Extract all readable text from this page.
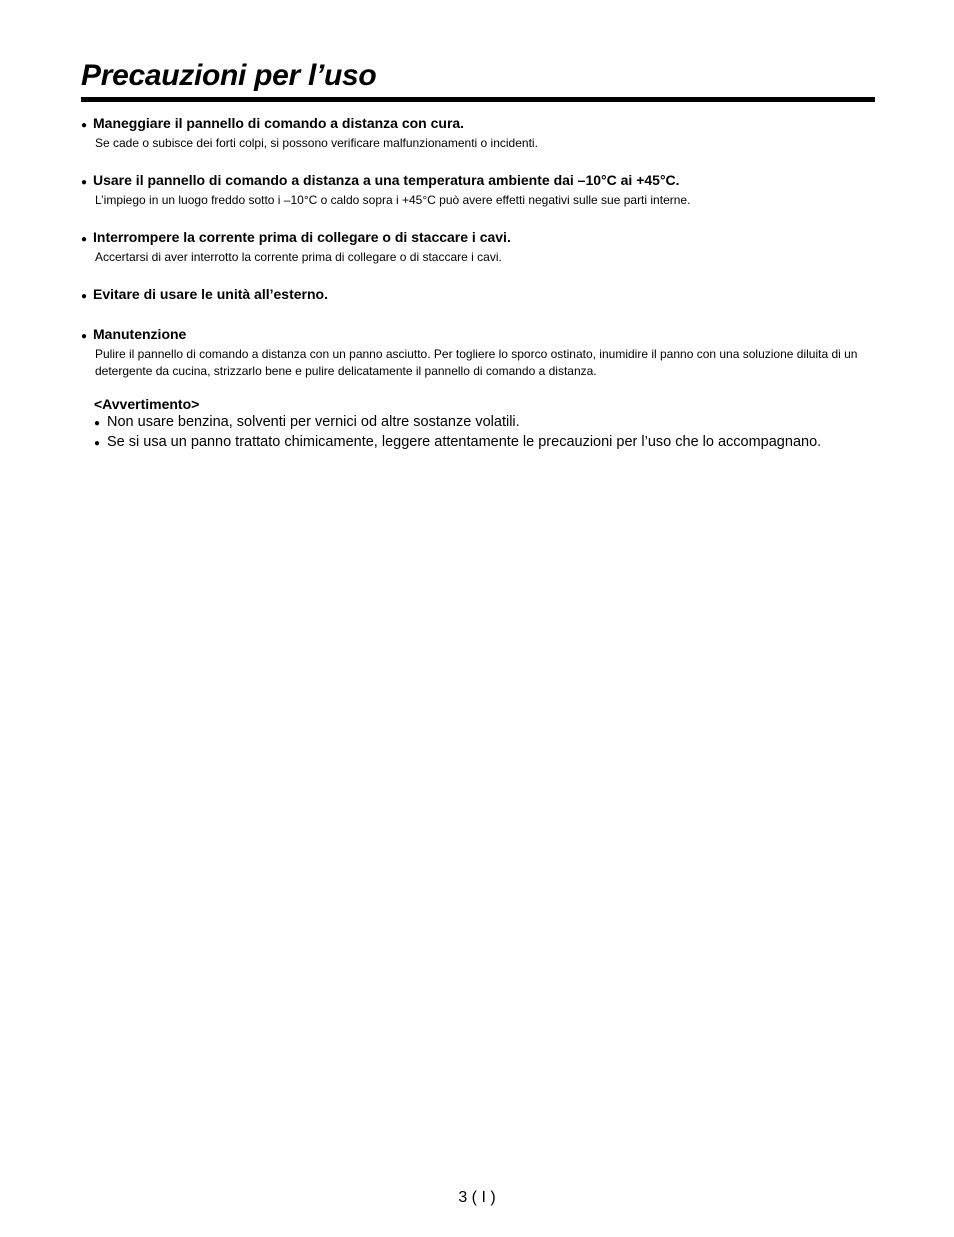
Precauzioni per l’uso
● Maneggiare il pannello di comando a distanza con cura.
Se cade o subisce dei forti colpi, si possono verificare malfunzionamenti o incidenti.
● Usare il pannello di comando a distanza a una temperatura ambiente dai –10°C ai +45°C.
L’impiego in un luogo freddo sotto i –10°C o caldo sopra i +45°C può avere effetti negativi sulle sue parti interne.
● Interrompere la corrente prima di collegare o di staccare i cavi.
Accertarsi di aver interrotto la corrente prima di collegare o di staccare i cavi.
● Evitare di usare le unità all’esterno.
● Manutenzione
Pulire il pannello di comando a distanza con un panno asciutto. Per togliere lo sporco ostinato, inumidire il panno con una soluzione diluita di un detergente da cucina, strizzarlo bene e pulire delicatamente il pannello di comando a distanza.
<Avvertimento>
● Non usare benzina, solventi per vernici od altre sostanze volatili.
● Se si usa un panno trattato chimicamente, leggere attentamente le precauzioni per l’uso che lo accompagnano.
3 ( I )
